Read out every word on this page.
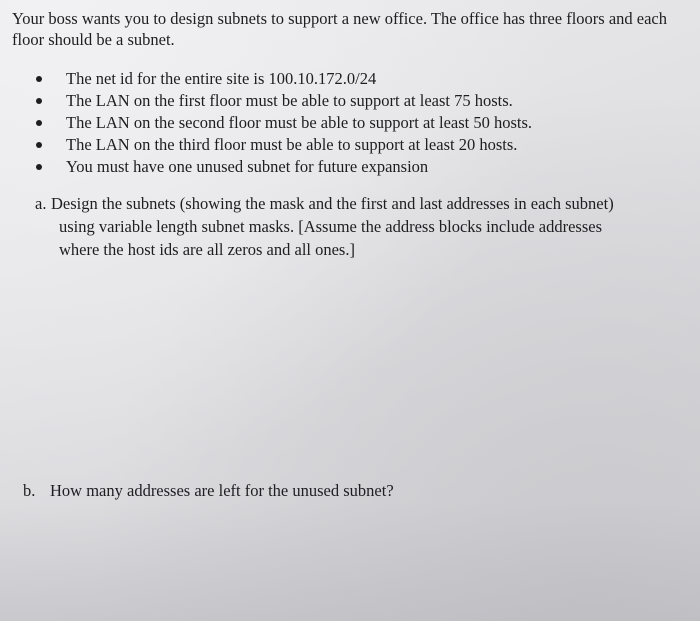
Your boss wants you to design subnets to support a new office. The office has three floors and each floor should be a subnet.

The net id for the entire site is 100.10.172.0/24
The LAN on the first floor must be able to support at least 75 hosts.
The LAN on the second floor must be able to support at least 50 hosts.
The LAN on the third floor must be able to support at least 20 hosts.
You must have one unused subnet for future expansion
a. Design the subnets (showing the mask and the first and last addresses in each subnet)
using variable length subnet masks. [Assume the address blocks include addresses
where the host ids are all zeros and all ones.]
b. How many addresses are left for the unused subnet?
